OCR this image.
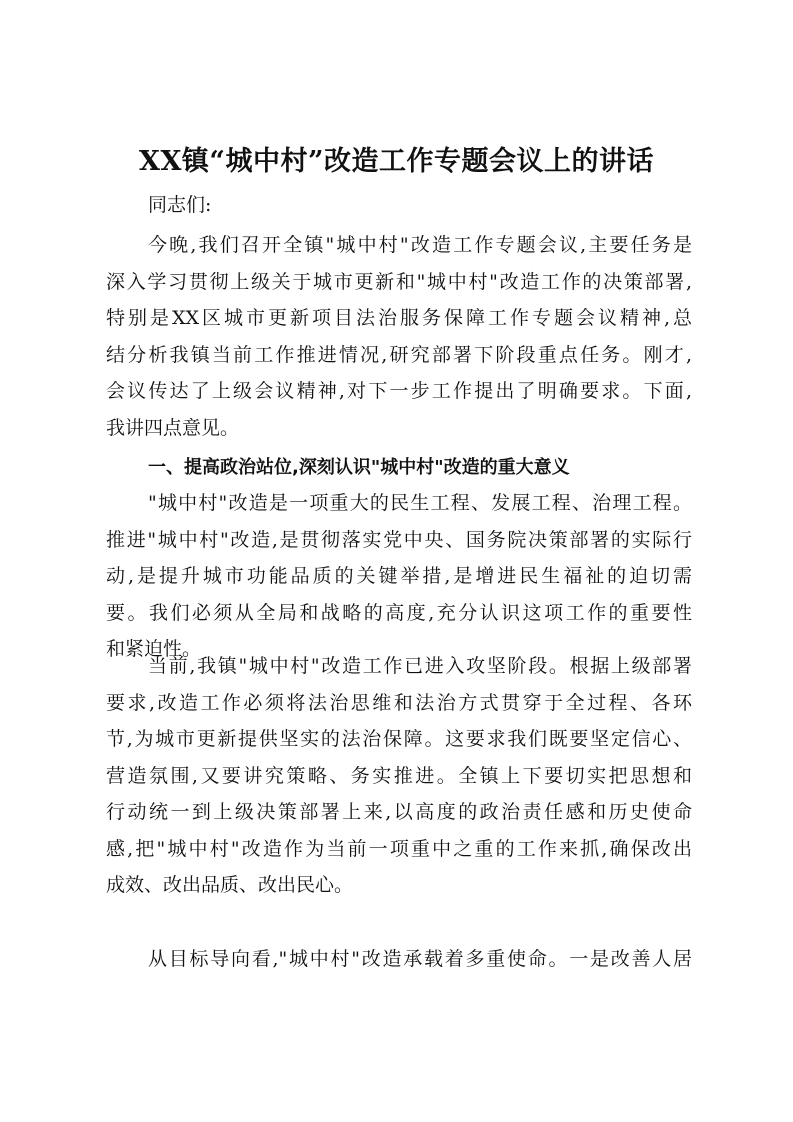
XX镇“城中村”改造工作专题会议上的讲话
同志们:
今晚,我们召开全镇"城中村"改造工作专题会议,主要任务是
深入学习贯彻上级关于城市更新和"城中村"改造工作的决策部署,
特别是XX区城市更新项目法治服务保障工作专题会议精神,总
结分析我镇当前工作推进情况,研究部署下阶段重点任务。刚才,
会议传达了上级会议精神,对下一步工作提出了明确要求。下面,
我讲四点意见。
一、提高政治站位,深刻认识"城中村"改造的重大意义
"城中村"改造是一项重大的民生工程、发展工程、治理工程。
推进"城中村"改造,是贯彻落实党中央、国务院决策部署的实际行
动,是提升城市功能品质的关键举措,是增进民生福祉的迫切需
要。我们必须从全局和战略的高度,充分认识这项工作的重要性
和紧迫性。
当前,我镇"城中村"改造工作已进入攻坚阶段。根据上级部署
要求,改造工作必须将法治思维和法治方式贯穿于全过程、各环
节,为城市更新提供坚实的法治保障。这要求我们既要坚定信心、
营造氛围,又要讲究策略、务实推进。全镇上下要切实把思想和
行动统一到上级决策部署上来,以高度的政治责任感和历史使命
感,把"城中村"改造作为当前一项重中之重的工作来抓,确保改出
成效、改出品质、改出民心。
从目标导向看,"城中村"改造承载着多重使命。一是改善人居
